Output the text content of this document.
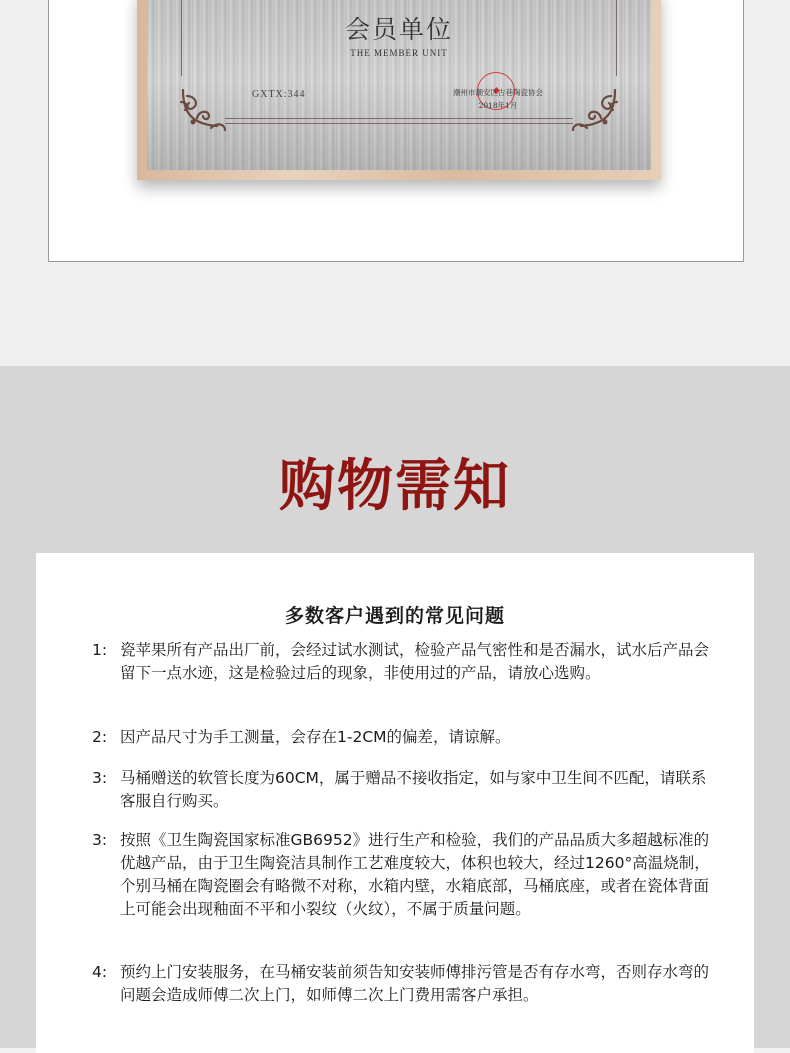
会员单位
THE MEMBER UNIT
GXTX:344	潮州市潮安区古巷陶瓷协会
2018年1月
购物需知
多数客户遇到的常见问题
1: 瓷苹果所有产品出厂前，会经过试水测试，检验产品气密性和是否漏水，试水后产品会留下一点水迹，这是检验过后的现象，非使用过的产品，请放心选购。
2: 因产品尺寸为手工测量，会存在1-2CM的偏差，请谅解。
3: 马桶赠送的软管长度为60CM，属于赠品不接收指定，如与家中卫生间不匹配，请联系客服自行购买。
3: 按照《卫生陶瓷国家标准GB6952》进行生产和检验，我们的产品品质大多超越标准的优越产品，由于卫生陶瓷洁具制作工艺难度较大，体积也较大，经过1260°高温烧制，个别马桶在陶瓷圈会有略微不对称，水箱内壁，水箱底部，马桶底座，或者在瓷体背面上可能会出现釉面不平和小裂纹（火纹），不属于质量问题。
4: 预约上门安装服务，在马桶安装前须告知安装师傅排污管是否有存水弯，否则存水弯的问题会造成师傅二次上门，如师傅二次上门费用需客户承担。
